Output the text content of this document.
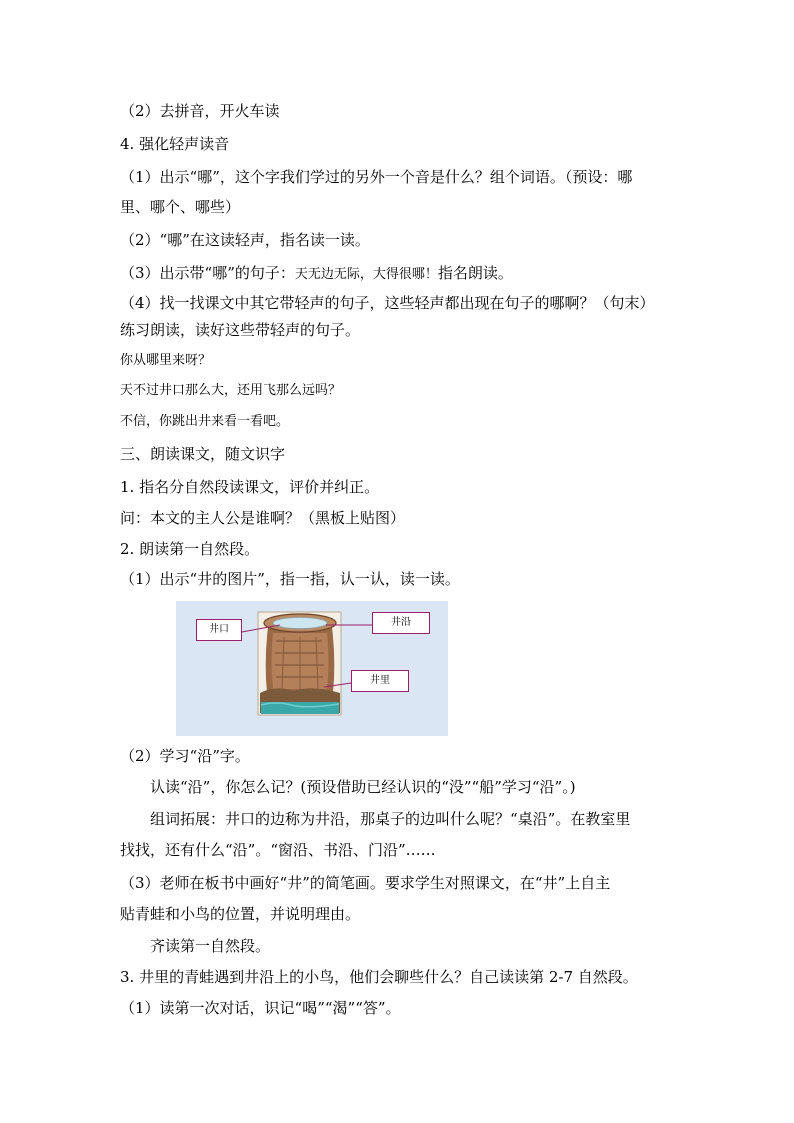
（2）去拼音，开火车读
4. 强化轻声读音
（1）出示“哪”，这个字我们学过的另外一个音是什么？组个词语。（预设：哪
里、哪个、哪些）
（2）“哪”在这读轻声，指名读一读。
（3）出示带“哪”的句子：天无边无际，大得很哪！指名朗读。
（4）找一找课文中其它带轻声的句子，这些轻声都出现在句子的哪啊？（句末）
练习朗读，读好这些带轻声的句子。
你从哪里来呀？
天不过井口那么大，还用飞那么远吗？
不信，你跳出井来看一看吧。
三、朗读课文，随文识字
1. 指名分自然段读课文，评价并纠正。
问：本文的主人公是谁啊？（黑板上贴图）
2. 朗读第一自然段。
（1）出示“井的图片”，指一指，认一认，读一读。
井口
井沿
井里
（2）学习“沿”字。
认读“沿”，你怎么记？(预设借助已经认识的“没”“船”学习“沿”。)
组词拓展：井口的边称为井沿，那桌子的边叫什么呢？“桌沿”。在教室里
找找，还有什么“沿”。“窗沿、书沿、门沿”……
（3）老师在板书中画好“井”的简笔画。要求学生对照课文，在“井”上自主
贴青蛙和小鸟的位置，并说明理由。
齐读第一自然段。
3. 井里的青蛙遇到井沿上的小鸟，他们会聊些什么？自己读读第 2-7 自然段。
（1）读第一次对话，识记“喝”“渴”“答”。
